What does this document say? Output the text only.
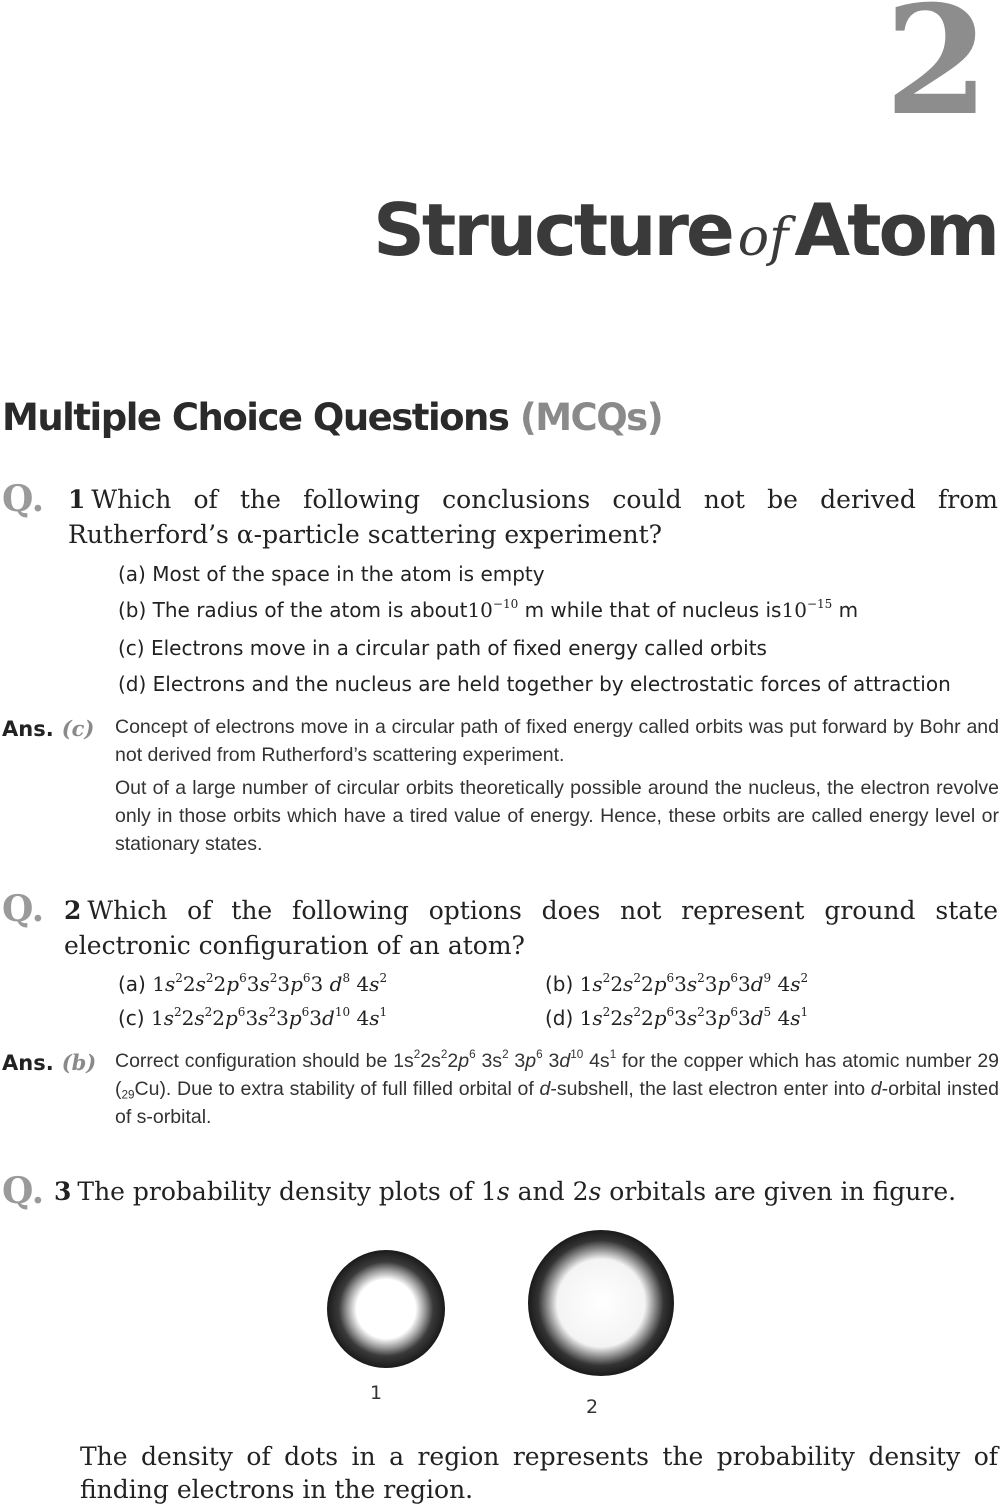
2
Structure ofAtom
Multiple Choice Questions (MCQs)
Q. 1 Which of the following conclusions could not be derived from Rutherford’s α-particle scattering experiment?
(a) Most of the space in the atom is empty
(b) The radius of the atom is $about10^{-10}$ m while that of nucleus $is10^{-15}$ m
(c) Electrons move in a circular path of fixed energy called orbits
(d) Electrons and the nucleus are held together by electrostatic forces of attraction
Ans. (c) Concept of electrons move in a circular path of fixed energy called orbits was put forward by Bohr and not derived from Rutherford’s scattering experiment.
Out of a large number of circular orbits theoretically possible around the nucleus, the electron revolve only in those orbits which have a tired value of energy. Hence, these orbits are called energy level or stationary states.
Q. 2 Which of the following options does not represent ground state electronic configuration of an atom?
(a) $1s^22s^22p^63s^23p^63$ $d^8$ $4s^2$	(b) $1s^22s^22p^63s^23p^63d^9$ $4s^2$
(c) $1s^22s^22p^63s^23p^63d^{10}$ $4s^1$	(d) $1s^22s^22p^63s^23p^63d^5$ $4s^1$
Ans. (b) Correct configuration should be $1s^22s^22p^6$ $3s^2$ $3p^6$ $3d^{10}$ $4s^1$ for the copper which has atomic number 29 $(_{29}Cu)$. Due to extra stability of full filled orbital of d-subshell, the last electron enter into d-orbital insted of s-orbital.
Q. 3 The probability density plots of 1s and 2s orbitals are given in figure.
1
2
The density of dots in a region represents the probability density of finding electrons in the region.
